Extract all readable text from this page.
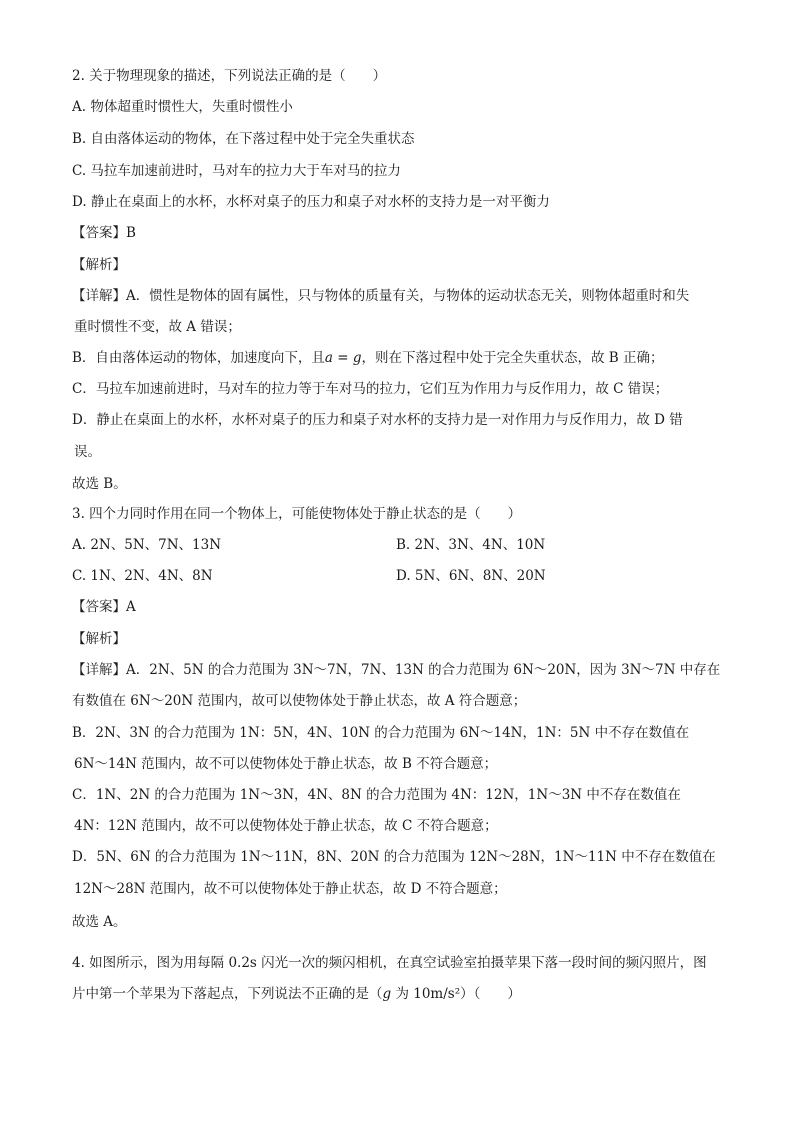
2. 关于物理现象的描述，下列说法正确的是（　　）
A. 物体超重时惯性大，失重时惯性小
B. 自由落体运动的物体，在下落过程中处于完全失重状态
C. 马拉车加速前进时，马对车的拉力大于车对马的拉力
D. 静止在桌面上的水杯，水杯对桌子的压力和桌子对水杯的支持力是一对平衡力
【答案】B
【解析】
【详解】A．惯性是物体的固有属性，只与物体的质量有关，与物体的运动状态无关，则物体超重时和失
重时惯性不变，故 A 错误；
B．自由落体运动的物体，加速度向下，且a = g，则在下落过程中处于完全失重状态，故 B 正确；
C．马拉车加速前进时，马对车的拉力等于车对马的拉力，它们互为作用力与反作用力，故 C 错误；
D．静止在桌面上的水杯，水杯对桌子的压力和桌子对水杯的支持力是一对作用力与反作用力，故 D 错
误。
故选 B。
3. 四个力同时作用在同一个物体上，可能使物体处于静止状态的是（　　）
A. 2N、5N、7N、13N	B. 2N、3N、4N、10N
C. 1N、2N、4N、8N	D. 5N、6N、8N、20N
【答案】A
【解析】
【详解】A．2N、5N 的合力范围为 3N～7N，7N、13N 的合力范围为 6N～20N，因为 3N～7N 中存在
有数值在 6N～20N 范围内，故可以使物体处于静止状态，故 A 符合题意；
B．2N、3N 的合力范围为 1N：5N，4N、10N 的合力范围为 6N～14N，1N：5N 中不存在数值在
6N～14N 范围内，故不可以使物体处于静止状态，故 B 不符合题意；
C．1N、2N 的合力范围为 1N～3N，4N、8N 的合力范围为 4N：12N，1N～3N 中不存在数值在
4N：12N 范围内，故不可以使物体处于静止状态，故 C 不符合题意；
D．5N、6N 的合力范围为 1N～11N，8N、20N 的合力范围为 12N～28N，1N～11N 中不存在数值在
12N～28N 范围内，故不可以使物体处于静止状态，故 D 不符合题意；
故选 A。
4. 如图所示，图为用每隔 0.2s 闪光一次的频闪相机，在真空试验室拍摄苹果下落一段时间的频闪照片，图
片中第一个苹果为下落起点，下列说法不正确的是（g 为 10m/s²）（　　）
